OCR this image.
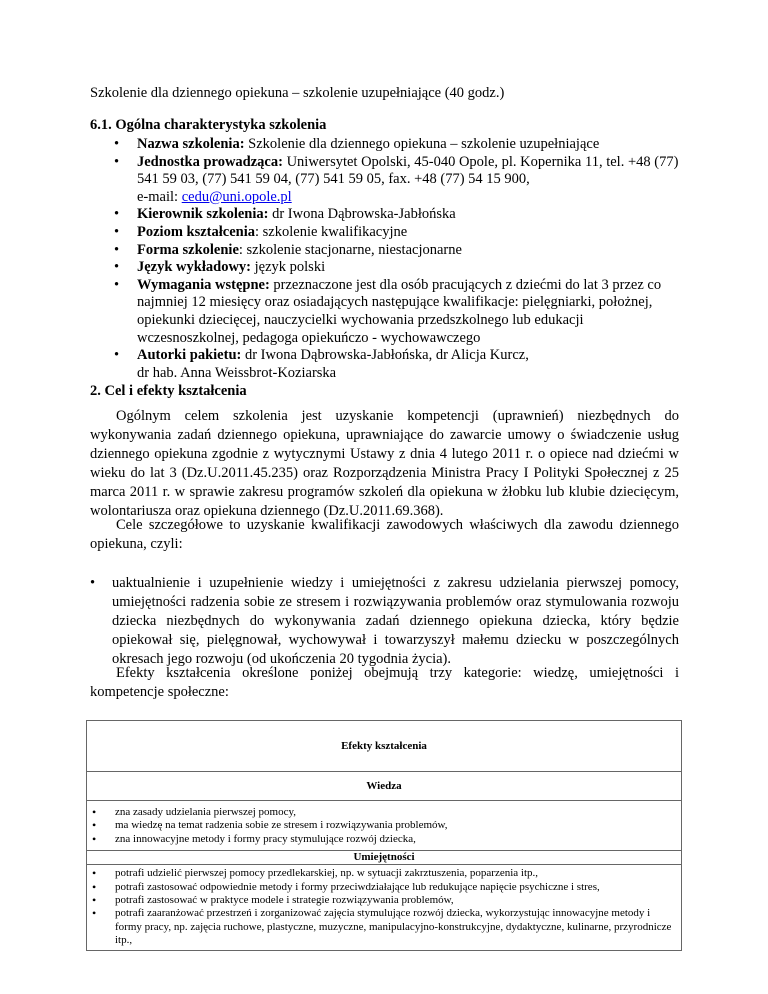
Szkolenie dla dziennego opiekuna – szkolenie uzupełniające (40 godz.)
6.1. Ogólna charakterystyka szkolenia
• Nazwa szkolenia: Szkolenie dla dziennego opiekuna – szkolenie uzupełniające
• Jednostka prowadząca: Uniwersytet Opolski, 45-040 Opole, pl. Kopernika 11, tel. +48 (77) 541 59 03, (77) 541 59 04, (77) 541 59 05, fax. +48 (77) 54 15 900,
e-mail: cedu@uni.opole.pl
• Kierownik szkolenia: dr Iwona Dąbrowska-Jabłońska
• Poziom kształcenia: szkolenie kwalifikacyjne
• Forma szkolenie: szkolenie stacjonarne, niestacjonarne
• Język wykładowy: język polski
• Wymagania wstępne: przeznaczone jest dla osób pracujących z dziećmi do lat 3 przez co najmniej 12 miesięcy oraz osiadających następujące kwalifikacje: pielęgniarki, położnej, opiekunki dziecięcej, nauczycielki wychowania przedszkolnego lub edukacji wczesnoszkolnej, pedagoga opiekuńczo - wychowawczego
• Autorki pakietu: dr Iwona Dąbrowska-Jabłońska, dr Alicja Kurcz,
dr hab. Anna Weissbrot-Koziarska
2. Cel i efekty kształcenia

Ogólnym celem szkolenia jest uzyskanie kompetencji (uprawnień) niezbędnych do wykonywania zadań dziennego opiekuna, uprawniające do zawarcie umowy o świadczenie usług dziennego opiekuna zgodnie z wytycznymi Ustawy z dnia 4 lutego 2011 r. o opiece nad dziećmi w wieku do lat 3 (Dz.U.2011.45.235) oraz Rozporządzenia Ministra Pracy I Polityki Społecznej z 25 marca 2011 r. w sprawie zakresu programów szkoleń dla opiekuna w żłobku lub klubie dziecięcym, wolontariusza oraz opiekuna dziennego (Dz.U.2011.69.368).

Cele szczegółowe to uzyskanie kwalifikacji zawodowych właściwych dla zawodu dziennego opiekuna, czyli:

• uaktualnienie i uzupełnienie wiedzy i umiejętności z zakresu udzielania pierwszej pomocy, umiejętności radzenia sobie ze stresem i rozwiązywania problemów oraz stymulowania rozwoju dziecka niezbędnych do wykonywania zadań dziennego opiekuna dziecka, który będzie opiekował się, pielęgnował, wychowywał i towarzyszył małemu dziecku w poszczególnych okresach jego rozwoju (od ukończenia 20 tygodnia życia).

Efekty kształcenia określone poniżej obejmują trzy kategorie: wiedzę, umiejętności i kompetencje społeczne:

Efekty kształcenia
Wiedza
• zna zasady udzielania pierwszej pomocy,
• ma wiedzę na temat radzenia sobie ze stresem i rozwiązywania problemów,
• zna innowacyjne metody i formy pracy stymulujące rozwój dziecka,
Umiejętności
• potrafi udzielić pierwszej pomocy przedlekarskiej, np. w sytuacji zakrztuszenia, poparzenia itp.,
• potrafi zastosować odpowiednie metody i formy przeciwdziałające lub redukujące napięcie psychiczne i stres,
• potrafi zastosować w praktyce modele i strategie rozwiązywania problemów,
• potrafi zaaranżować przestrzeń i zorganizować zajęcia stymulujące rozwój dziecka, wykorzystując innowacyjne metody i formy pracy, np. zajęcia ruchowe, plastyczne, muzyczne, manipulacyjno-konstrukcyjne, dydaktyczne, kulinarne, przyrodnicze itp.,
